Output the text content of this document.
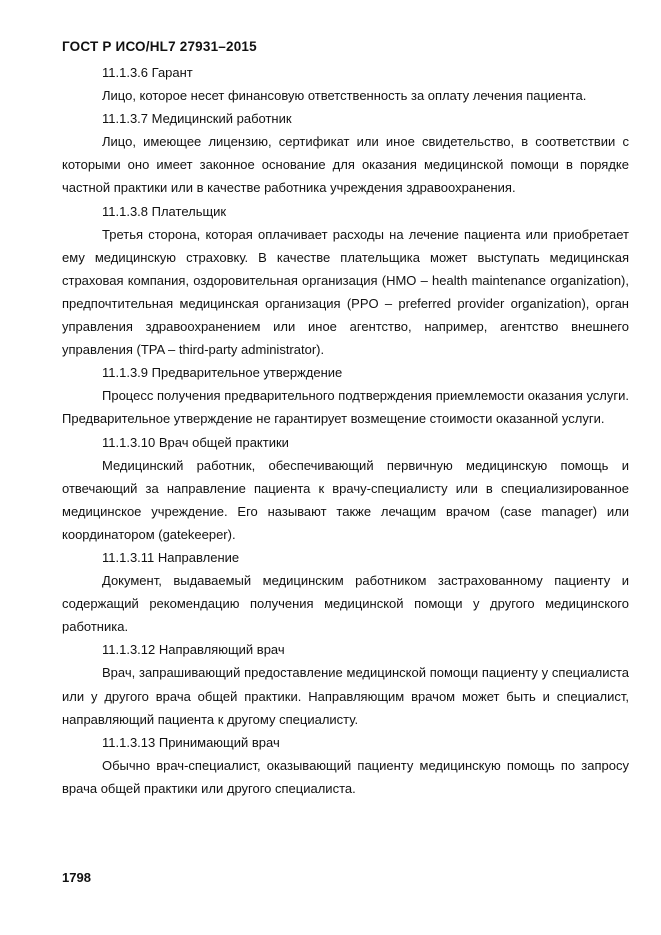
ГОСТ Р ИСО/HL7 27931–2015

11.1.3.6 Гарант

Лицо, которое несет финансовую ответственность за оплату лечения пациента.

11.1.3.7 Медицинский работник

Лицо, имеющее лицензию, сертификат или иное свидетельство, в соответствии с которыми оно имеет законное основание для оказания медицинской помощи в порядке частной практики или в качестве работника учреждения здравоохранения.

11.1.3.8 Плательщик

Третья сторона, которая оплачивает расходы на лечение пациента или приобретает ему медицинскую страховку. В качестве плательщика может выступать медицинская страховая компания, оздоровительная организация (HMO – health maintenance organization), предпочтительная медицинская организация (PPO – preferred provider organization), орган управления здравоохранением или иное агентство, например, агентство внешнего управления (TPA – third-party administrator).

11.1.3.9 Предварительное утверждение

Процесс получения предварительного подтверждения приемлемости оказания услуги. Предварительное утверждение не гарантирует возмещение стоимости оказанной услуги.

11.1.3.10 Врач общей практики

Медицинский работник, обеспечивающий первичную медицинскую помощь и отвечающий за направление пациента к врачу-специалисту или в специализированное медицинское учреждение. Его называют также лечащим врачом (case manager) или координатором (gatekeeper).

11.1.3.11 Направление

Документ, выдаваемый медицинским работником застрахованному пациенту и содержащий рекомендацию получения медицинской помощи у другого медицинского работника.

11.1.3.12 Направляющий врач

Врач, запрашивающий предоставление медицинской помощи пациенту у специалиста или у другого врача общей практики. Направляющим врачом может быть и специалист, направляющий пациента к другому специалисту.

11.1.3.13 Принимающий врач

Обычно врач-специалист, оказывающий пациенту медицинскую помощь по запросу врача общей практики или другого специалиста.

1798
